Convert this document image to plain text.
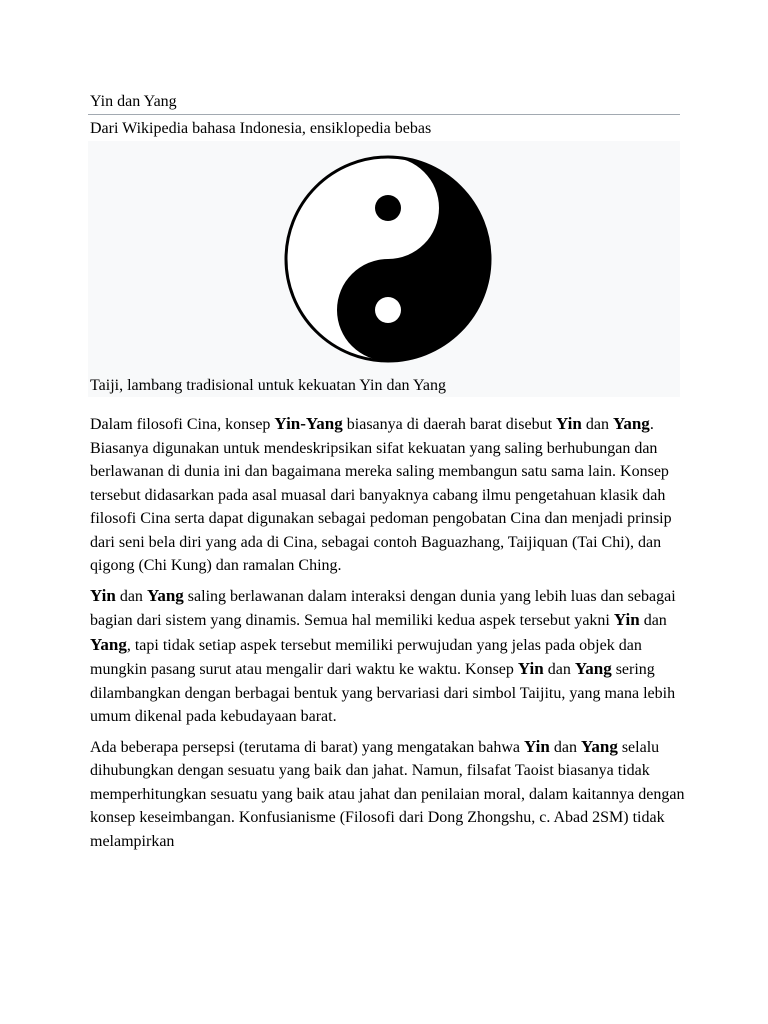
Yin dan Yang
Dari Wikipedia bahasa Indonesia, ensiklopedia bebas
Taiji, lambang tradisional untuk kekuatan Yin dan Yang

Dalam filosofi Cina, konsep Yin-Yang biasanya di daerah barat disebut Yin dan Yang. Biasanya digunakan untuk mendeskripsikan sifat kekuatan yang saling berhubungan dan berlawanan di dunia ini dan bagaimana mereka saling membangun satu sama lain. Konsep tersebut didasarkan pada asal muasal dari banyaknya cabang ilmu pengetahuan klasik dah filosofi Cina serta dapat digunakan sebagai pedoman pengobatan Cina dan menjadi prinsip dari seni bela diri yang ada di Cina, sebagai contoh Baguazhang, Taijiquan (Tai Chi), dan qigong (Chi Kung) dan ramalan Ching.

Yin dan Yang saling berlawanan dalam interaksi dengan dunia yang lebih luas dan sebagai bagian dari sistem yang dinamis. Semua hal memiliki kedua aspek tersebut yakni Yin dan Yang, tapi tidak setiap aspek tersebut memiliki perwujudan yang jelas pada objek dan mungkin pasang surut atau mengalir dari waktu ke waktu. Konsep Yin dan Yang sering dilambangkan dengan berbagai bentuk yang bervariasi dari simbol Taijitu, yang mana lebih umum dikenal pada kebudayaan barat.

Ada beberapa persepsi (terutama di barat) yang mengatakan bahwa Yin dan Yang selalu dihubungkan dengan sesuatu yang baik dan jahat. Namun, filsafat Taoist biasanya tidak memperhitungkan sesuatu yang baik atau jahat dan penilaian moral, dalam kaitannya dengan konsep keseimbangan. Konfusianisme (Filosofi dari Dong Zhongshu, c. Abad 2SM) tidak melampirkan
